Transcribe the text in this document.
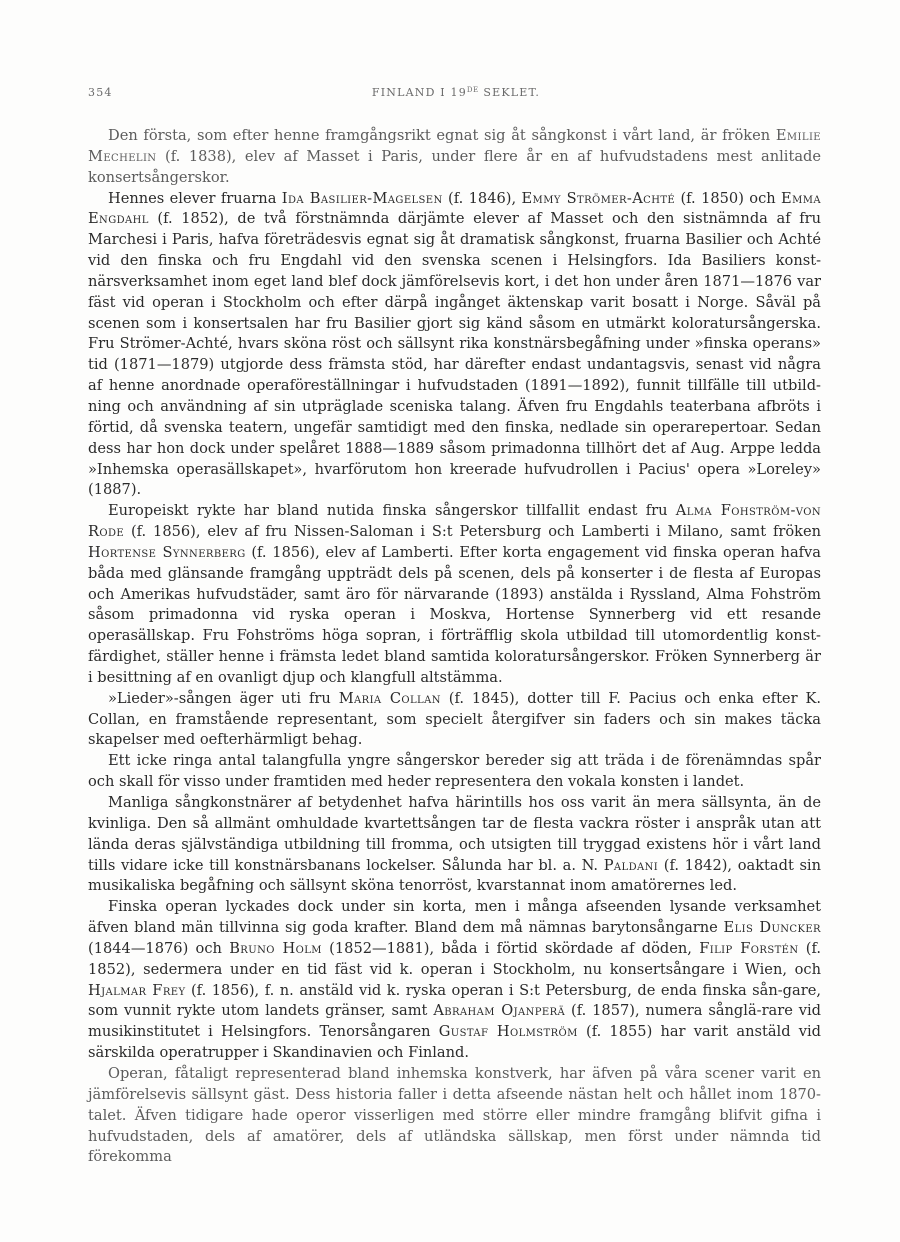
354	FINLAND I 19DE SEKLET.

Den första, som efter henne framgångsrikt egnat sig åt sångkonst i vårt land, är fröken Emilie Mechelin (f. 1838), elev af Masset i Paris, under flere år en af hufvudstadens mest anlitade konsertsångerskor.

Hennes elever fruarna Ida Basilier-Magelsen (f. 1846), Emmy Strömer-Achté (f. 1850) och Emma Engdahl (f. 1852), de två förstnämnda därjämte elever af Masset och den sistnämnda af fru Marchesi i Paris, hafva företrädesvis egnat sig åt dramatisk sångkonst, fruarna Basilier och Achté vid den finska och fru Engdahl vid den svenska scenen i Helsingfors. Ida Basiliers konst-närsverksamhet inom eget land blef dock jämförelsevis kort, i det hon under åren 1871—1876 var fäst vid operan i Stockholm och efter därpå ingånget äktenskap varit bosatt i Norge. Såväl på scenen som i konsertsalen har fru Basilier gjort sig känd såsom en utmärkt koloratursångerska. Fru Strömer-Achté, hvars sköna röst och sällsynt rika konstnärsbegåfning under »finska operans» tid (1871—1879) utgjorde dess främsta stöd, har därefter endast undantagsvis, senast vid några af henne anordnade operaföreställningar i hufvudstaden (1891—1892), funnit tillfälle till utbild-ning och användning af sin utpräglade sceniska talang. Äfven fru Engdahls teaterbana afbröts i förtid, då svenska teatern, ungefär samtidigt med den finska, nedlade sin operarepertoar. Sedan dess har hon dock under spelåret 1888—1889 såsom primadonna tillhört det af Aug. Arppe ledda »Inhemska operasällskapet», hvarförutom hon kreerade hufvudrollen i Pacius' opera »Loreley» (1887).

Europeiskt rykte har bland nutida finska sångerskor tillfallit endast fru Alma Fohström-von Rode (f. 1856), elev af fru Nissen-Saloman i S:t Petersburg och Lamberti i Milano, samt fröken Hortense Synnerberg (f. 1856), elev af Lamberti. Efter korta engagement vid finska operan hafva båda med glänsande framgång uppträdt dels på scenen, dels på konserter i de flesta af Europas och Amerikas hufvudstäder, samt äro för närvarande (1893) anstälda i Ryssland, Alma Fohström såsom primadonna vid ryska operan i Moskva, Hortense Synnerberg vid ett resande operasällskap. Fru Fohströms höga sopran, i förträfflig skola utbildad till utomordentlig konst-färdighet, ställer henne i främsta ledet bland samtida koloratursångerskor. Fröken Synnerberg är i besittning af en ovanligt djup och klangfull altstämma.

»Lieder»-sången äger uti fru Maria Collan (f. 1845), dotter till F. Pacius och enka efter K. Collan, en framstående representant, som specielt återgifver sin faders och sin makes täcka skapelser med oefterhärmligt behag.

Ett icke ringa antal talangfulla yngre sångerskor bereder sig att träda i de förenämndas spår och skall för visso under framtiden med heder representera den vokala konsten i landet.

Manliga sångkonstnärer af betydenhet hafva härintills hos oss varit än mera sällsynta, än de kvinliga. Den så allmänt omhuldade kvartettsången tar de flesta vackra röster i anspråk utan att lända deras självständiga utbildning till fromma, och utsigten till tryggad existens hör i vårt land tills vidare icke till konstnärsbanans lockelser. Sålunda har bl. a. N. Paldani (f. 1842), oaktadt sin musikaliska begåfning och sällsynt sköna tenorröst, kvarstannat inom amatörernes led.

Finska operan lyckades dock under sin korta, men i många afseenden lysande verksamhet äfven bland män tillvinna sig goda krafter. Bland dem må nämnas barytonsångarne Elis Duncker (1844—1876) och Bruno Holm (1852—1881), båda i förtid skördade af döden, Filip Forstén (f. 1852), sedermera under en tid fäst vid k. operan i Stockholm, nu konsertsångare i Wien, och Hjalmar Frey (f. 1856), f. n. anstäld vid k. ryska operan i S:t Petersburg, de enda finska sån-gare, som vunnit rykte utom landets gränser, samt Abraham Ojanperä (f. 1857), numera sånglä-rare vid musikinstitutet i Helsingfors. Tenorsångaren Gustaf Holmström (f. 1855) har varit anstäld vid särskilda operatrupper i Skandinavien och Finland.

Operan, fåtaligt representerad bland inhemska konstverk, har äfven på våra scener varit en jämförelsevis sällsynt gäst. Dess historia faller i detta afseende nästan helt och hållet inom 1870-talet. Äfven tidigare hade operor visserligen med större eller mindre framgång blifvit gifna i hufvudstaden, dels af amatörer, dels af utländska sällskap, men först under nämnda tid förekomma
